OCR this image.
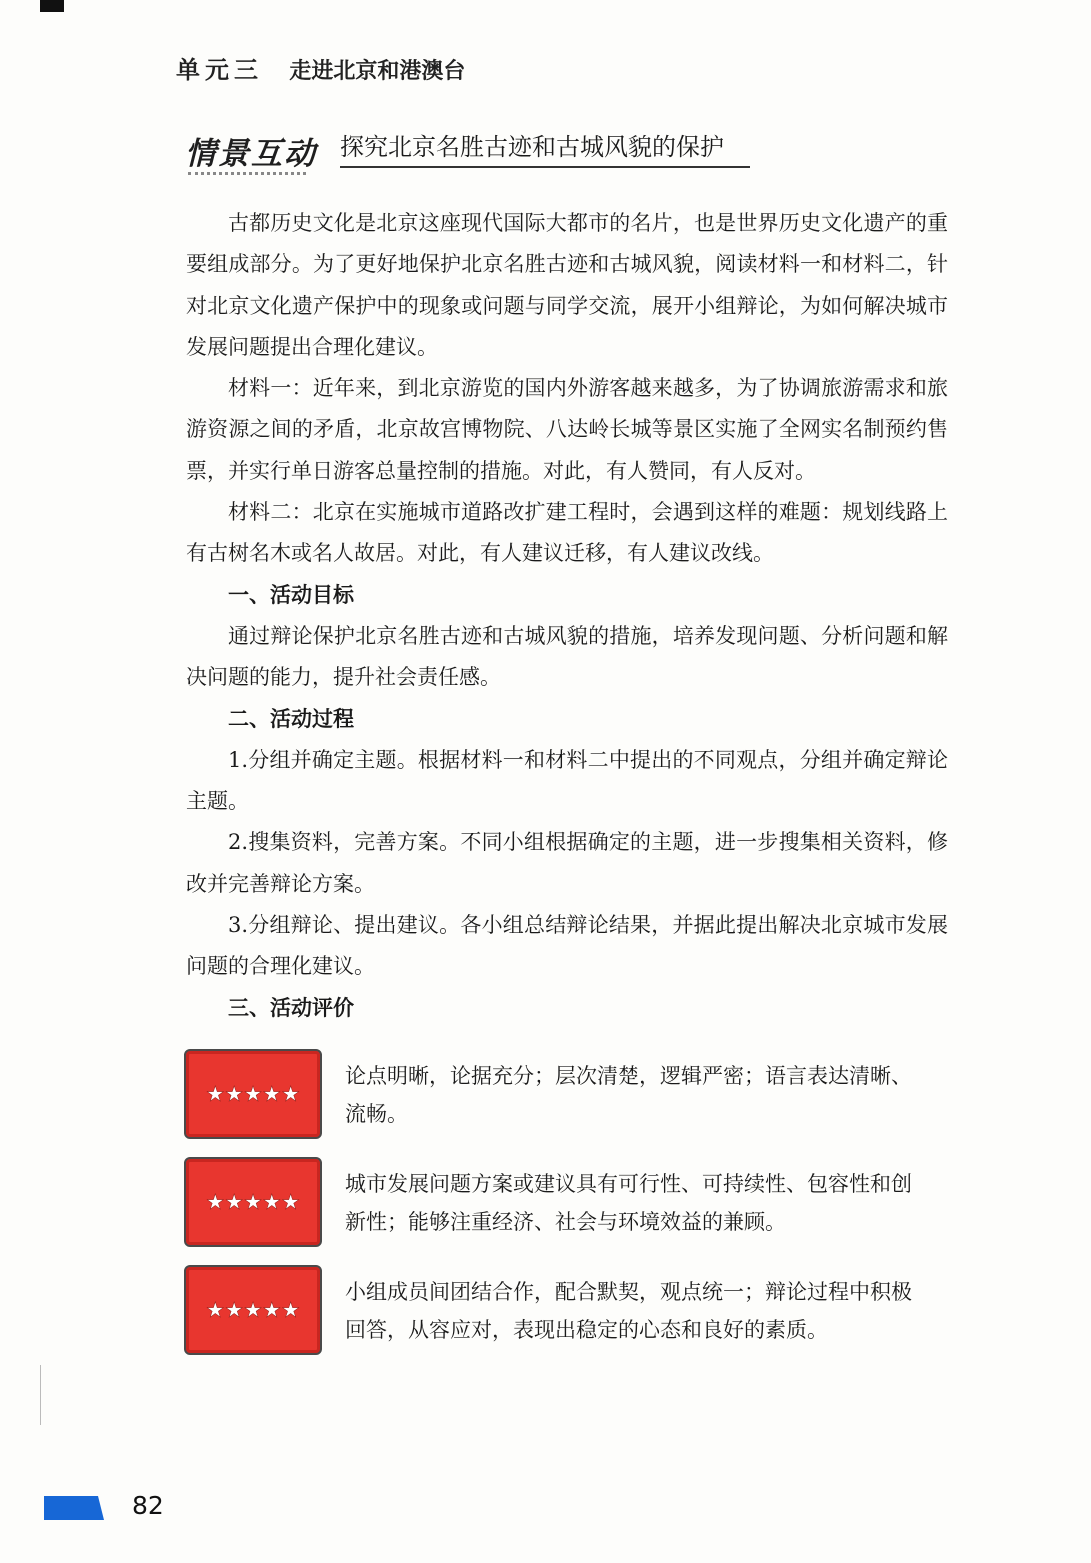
单元三 走进北京和港澳台
情景互动 探究北京名胜古迹和古城风貌的保护

古都历史文化是北京这座现代国际大都市的名片，也是世界历史文化遗产的重要组成部分。为了更好地保护北京名胜古迹和古城风貌，阅读材料一和材料二，针对北京文化遗产保护中的现象或问题与同学交流，展开小组辩论，为如何解决城市发展问题提出合理化建议。

材料一：近年来，到北京游览的国内外游客越来越多，为了协调旅游需求和旅游资源之间的矛盾，北京故宫博物院、八达岭长城等景区实施了全网实名制预约售票，并实行单日游客总量控制的措施。对此，有人赞同，有人反对。

材料二：北京在实施城市道路改扩建工程时，会遇到这样的难题：规划线路上有古树名木或名人故居。对此，有人建议迁移，有人建议改线。

一、活动目标

通过辩论保护北京名胜古迹和古城风貌的措施，培养发现问题、分析问题和解决问题的能力，提升社会责任感。

二、活动过程

1.分组并确定主题。根据材料一和材料二中提出的不同观点，分组并确定辩论主题。

2.搜集资料，完善方案。不同小组根据确定的主题，进一步搜集相关资料，修改并完善辩论方案。

3.分组辩论、提出建议。各小组总结辩论结果，并据此提出解决北京城市发展问题的合理化建议。

三、活动评价

★★★★★

论点明晰，论据充分；层次清楚，逻辑严密；语言表达清晰、流畅。

★★★★★

城市发展问题方案或建议具有可行性、可持续性、包容性和创新性；能够注重经济、社会与环境效益的兼顾。

★★★★★

小组成员间团结合作，配合默契，观点统一；辩论过程中积极回答，从容应对，表现出稳定的心态和良好的素质。

82
